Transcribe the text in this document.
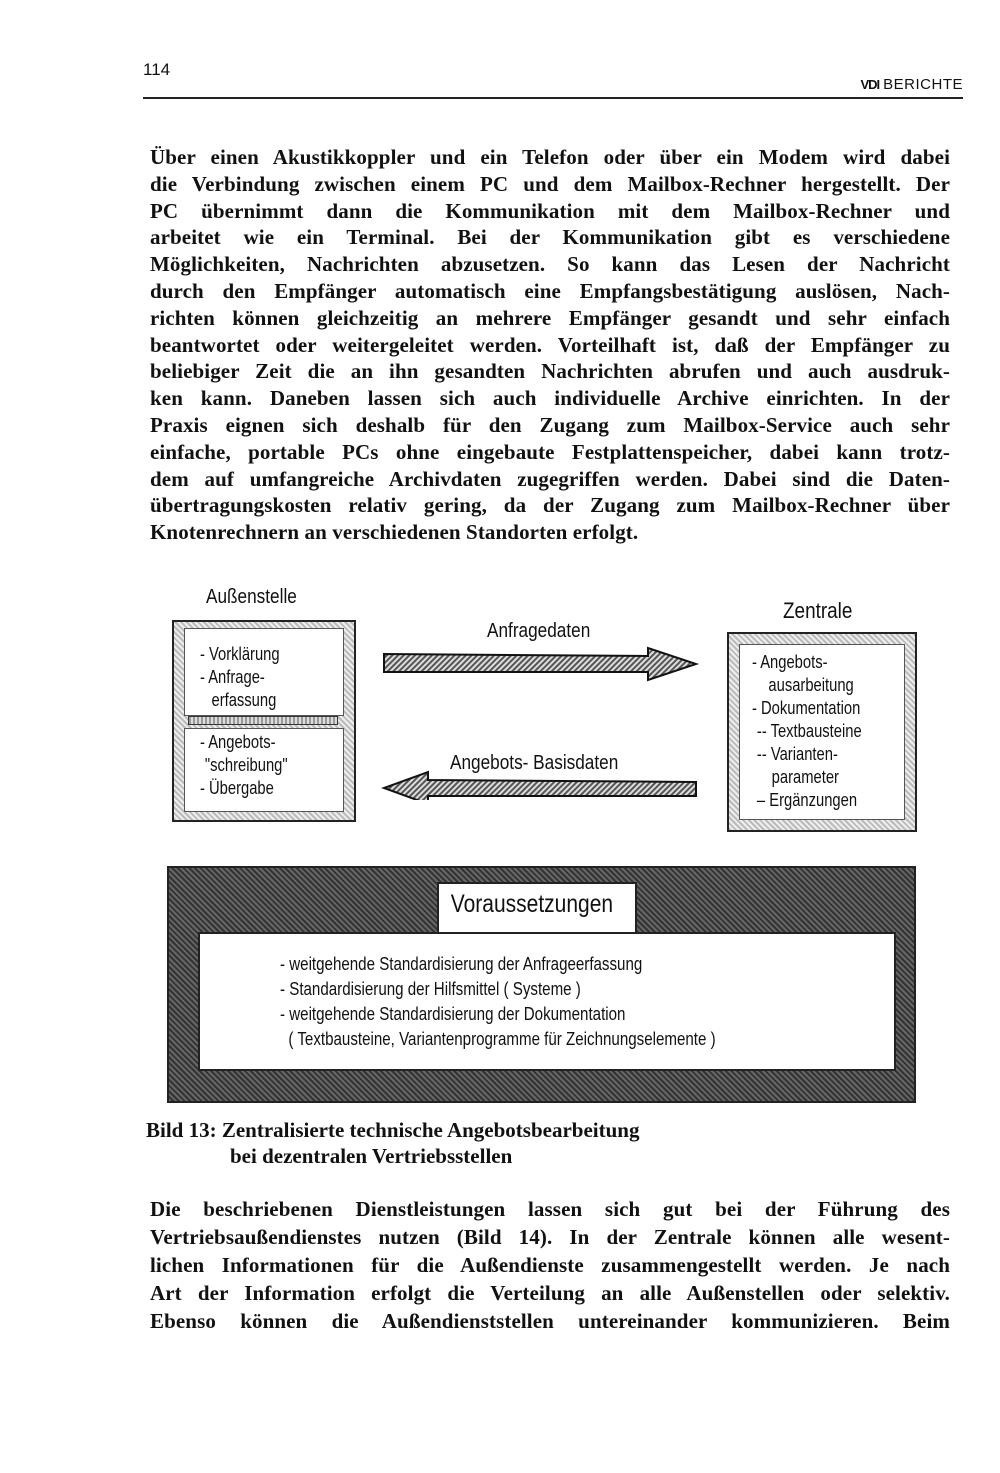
114
VDI BERICHTE
Über einen Akustikkoppler und ein Telefon oder über ein Modem wird dabei
die Verbindung zwischen einem PC und dem Mailbox-Rechner hergestellt. Der
PC übernimmt dann die Kommunikation mit dem Mailbox-Rechner und
arbeitet wie ein Terminal. Bei der Kommunikation gibt es verschiedene
Möglichkeiten, Nachrichten abzusetzen. So kann das Lesen der Nachricht
durch den Empfänger automatisch eine Empfangsbestätigung auslösen, Nach-
richten können gleichzeitig an mehrere Empfänger gesandt und sehr einfach
beantwortet oder weitergeleitet werden. Vorteilhaft ist, daß der Empfänger zu
beliebiger Zeit die an ihn gesandten Nachrichten abrufen und auch ausdruk-
ken kann. Daneben lassen sich auch individuelle Archive einrichten. In der
Praxis eignen sich deshalb für den Zugang zum Mailbox-Service auch sehr
einfache, portable PCs ohne eingebaute Festplattenspeicher, dabei kann trotz-
dem auf umfangreiche Archivdaten zugegriffen werden. Dabei sind die Daten-
übertragungskosten relativ gering, da der Zugang zum Mailbox-Rechner über
Knotenrechnern an verschiedenen Standorten erfolgt.
Außenstelle
- Vorklärung
- Anfrage-
erfassung
- Angebots-
"schreibung"
- Übergabe
Anfragedaten
Angebots- Basisdaten
Zentrale
- Angebots-
ausarbeitung
- Dokumentation
-- Textbausteine
-- Varianten-
parameter
– Ergänzungen
Voraussetzungen
- weitgehende Standardisierung der Anfrageerfassung
- Standardisierung der Hilfsmittel ( Systeme )
- weitgehende Standardisierung der Dokumentation
( Textbausteine, Variantenprogramme für Zeichnungselemente )
Bild 13: Zentralisierte technische Angebotsbearbeitung
bei dezentralen Vertriebsstellen
Die beschriebenen Dienstleistungen lassen sich gut bei der Führung des
Vertriebsaußendienstes nutzen (Bild 14). In der Zentrale können alle wesent-
lichen Informationen für die Außendienste zusammengestellt werden. Je nach
Art der Information erfolgt die Verteilung an alle Außenstellen oder selektiv.
Ebenso können die Außendienststellen untereinander kommunizieren. Beim
